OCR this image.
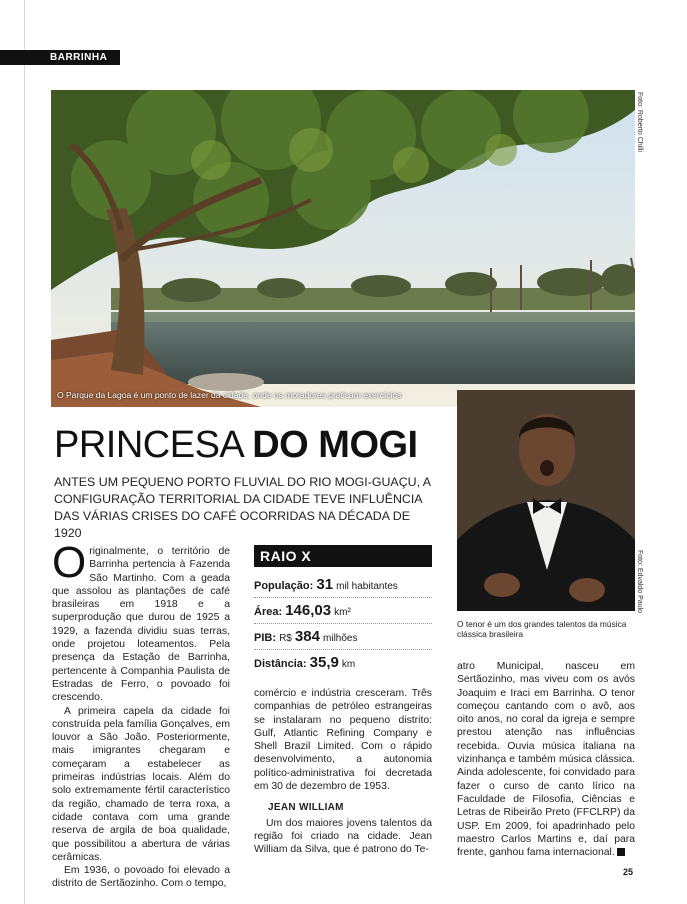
BARRINHA
Foto: Roberto Chilli
O Parque da Lagoa é um ponto de lazer da cidade, onde os moradores praticam exercícios
PRINCESA DO MOGI
ANTES UM PEQUENO PORTO FLUVIAL DO RIO MOGI-GUAÇU, A CONFIGURAÇÃO TERRITORIAL DA CIDADE TEVE INFLUÊNCIA DAS VÁRIAS CRISES DO CAFÉ OCORRIDAS NA DÉCADA DE 1920

Originalmente, o território de Barrinha pertencia à Fazenda São Martinho. Com a geada que assolou as plantações de café brasileiras em 1918 e a superprodução que durou de 1925 a 1929, a fazenda dividiu suas terras, onde projetou lotеamentos. Pela presença da Estação de Barrinha, pertencente à Companhia Paulista de Estradas de Ferro, o povoado foi crescendo.

A primeira capela da cidade foi construída pela família Gonçalves, em louvor a São João. Posteriormente, mais imigrantes chegaram e começaram a estabelecer as primeiras indústrias locais. Além do solo extremamente fértil característico da região, chamado de terra roxa, a cidade contava com uma grande reserva de argila de boa qualidade, que possibilitou a abertura de várias cerâmicas.

Em 1936, o povoado foi elevado a distrito de Sertãozinho. Com o tempo,

RAIO X
População: 31 mil habitantes
Área: 146,03 km²
PIB: R$ 384 milhões
Distância: 35,9 km

comércio e indústria cresceram. Três companhias de petróleo estrangeiras se instalaram no pequeno distrito: Gulf, Atlantic Refining Company e Shell Brazil Limited. Com o rápido desenvolvimento, a autonomia político-administrativa foi decretada em 30 de dezembro de 1953.

JEAN WILLIAM

Um dos maiores jovens talentos da região foi criado na cidade. Jean William da Silva, que é patrono do Te-

Foto: Edvaldo Paulo
O tenor é um dos grandes talentos da música clássica brasileira

atro Municipal, nasceu em Sertãozinho, mas viveu com os avós Joaquim e Iraci em Barrinha. O tenor começou cantando com o avô, aos oito anos, no coral da igreja e sempre prestou atenção nas influências recebida. Ouvia música italiana na vizinhança e também música clássica. Ainda adolescente, foi convidado para fazer o curso de canto lírico na Faculdade de Filosofia, Ciências e Letras de Ribeirão Preto (FFCLRP) da USP. Em 2009, foi apadrinhado pelo maestro Carlos Martins e, daí para frente, ganhou fama internacional.

25
